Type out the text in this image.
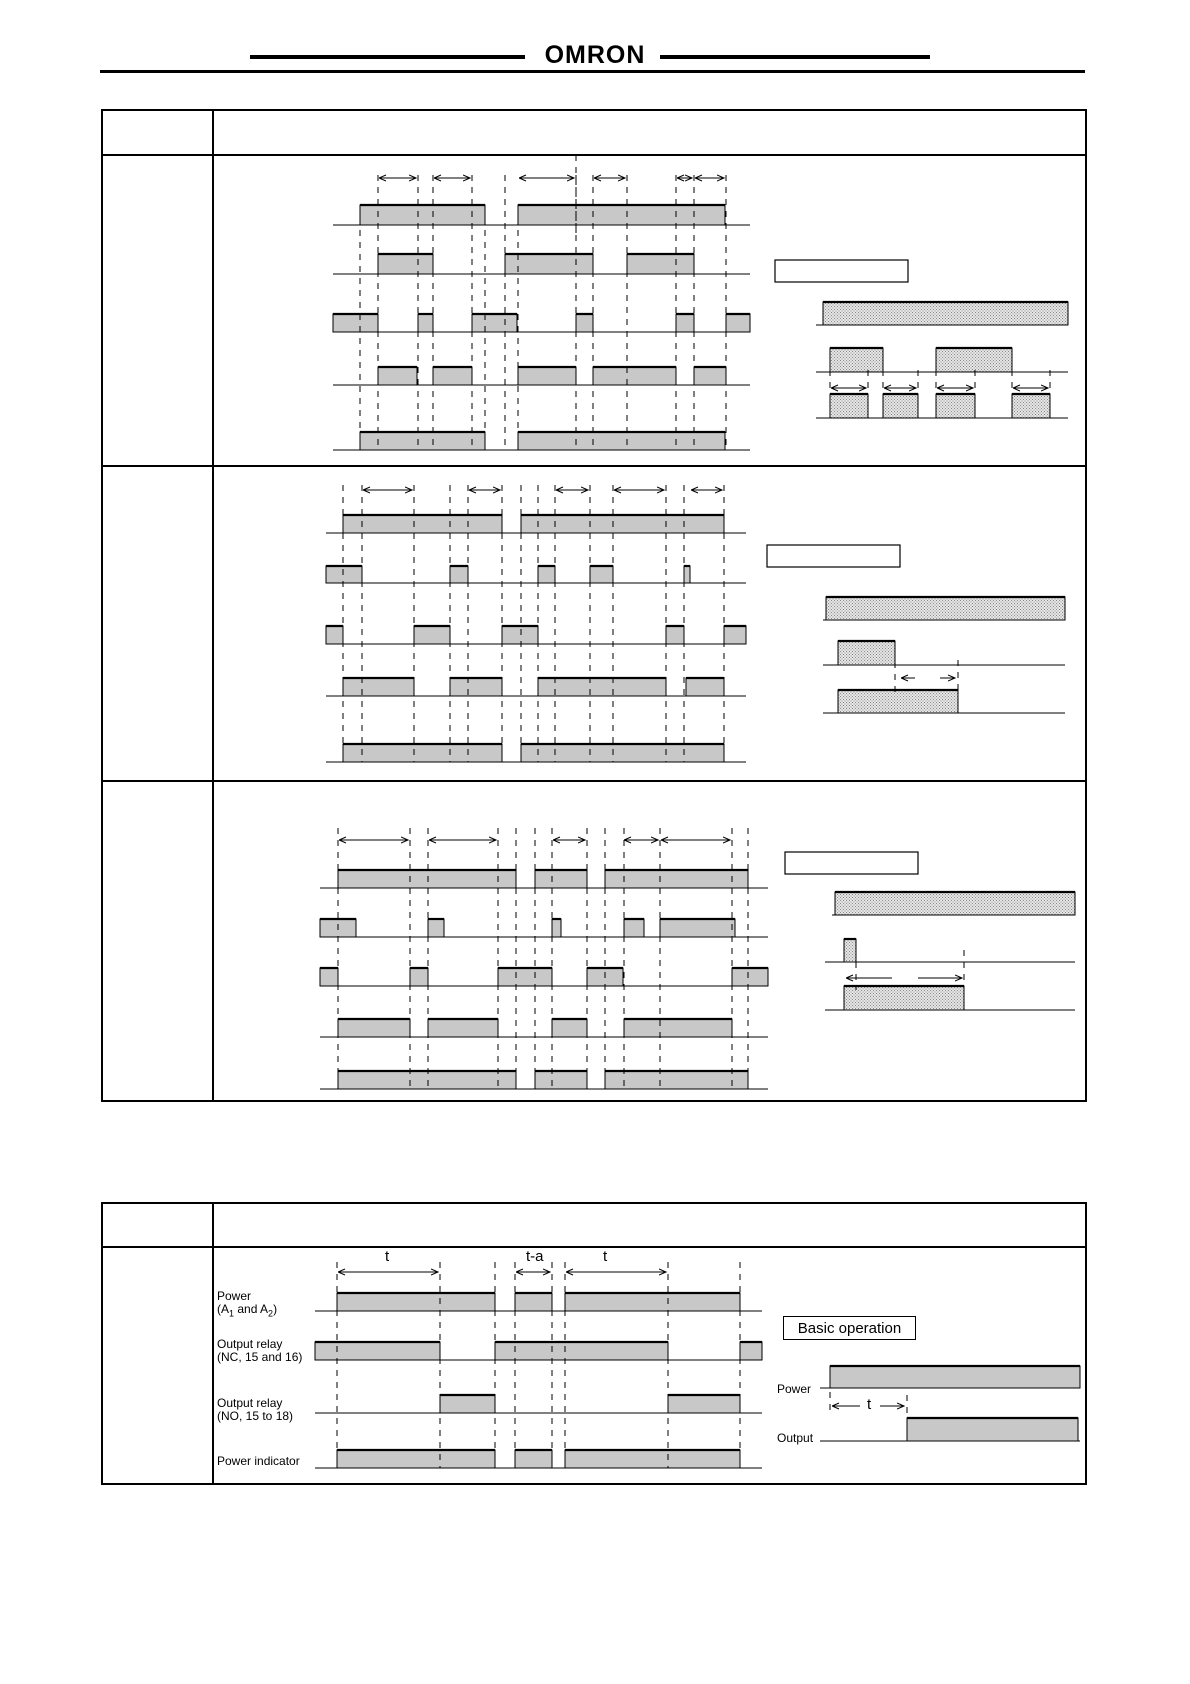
OMRON
t	t-a	t
Power
($A_1$ and $A_2$)
Output relay
(NC, 15 and 16)
Output relay
(NO, 15 to 18)
Power indicator
Basic operation
Power
Output
t
